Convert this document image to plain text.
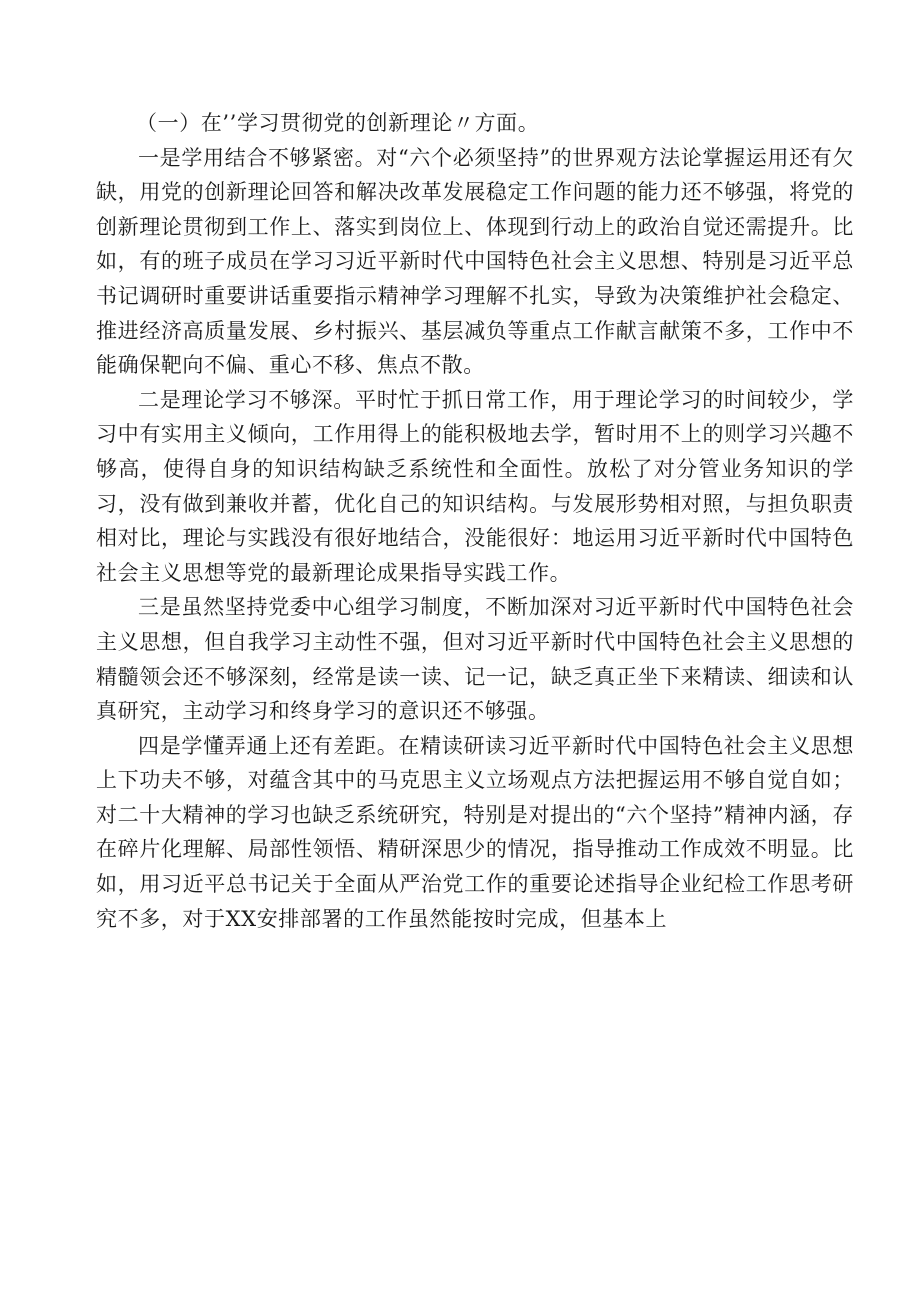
（一）在’’学习贯彻党的创新理论〃方面。

一是学用结合不够紧密。对“六个必须坚持”的世界观方法论掌握运用还有欠缺，用党的创新理论回答和解决改革发展稳定工作问题的能力还不够强，将党的创新理论贯彻到工作上、落实到岗位上、体现到行动上的政治自觉还需提升。比如，有的班子成员在学习习近平新时代中国特色社会主义思想、特别是习近平总书记调研时重要讲话重要指示精神学习理解不扎实，导致为决策维护社会稳定、推进经济高质量发展、乡村振兴、基层减负等重点工作献言献策不多，工作中不能确保靶向不偏、重心不移、焦点不散。

二是理论学习不够深。平时忙于抓日常工作，用于理论学习的时间较少，学习中有实用主义倾向，工作用得上的能积极地去学，暂时用不上的则学习兴趣不够高，使得自身的知识结构缺乏系统性和全面性。放松了对分管业务知识的学习，没有做到兼收并蓄，优化自己的知识结构。与发展形势相对照，与担负职责相对比，理论与实践没有很好地结合，没能很好：地运用习近平新时代中国特色社会主义思想等党的最新理论成果指导实践工作。

三是虽然坚持党委中心组学习制度，不断加深对习近平新时代中国特色社会主义思想，但自我学习主动性不强，但对习近平新时代中国特色社会主义思想的精髓领会还不够深刻，经常是读一读、记一记，缺乏真正坐下来精读、细读和认真研究，主动学习和终身学习的意识还不够强。

四是学懂弄通上还有差距。在精读研读习近平新时代中国特色社会主义思想上下功夫不够，对蕴含其中的马克思主义立场观点方法把握运用不够自觉自如；对二十大精神的学习也缺乏系统研究，特别是对提出的“六个坚持”精神内涵，存在碎片化理解、局部性领悟、精研深思少的情况，指导推动工作成效不明显。比如，用习近平总书记关于全面从严治党工作的重要论述指导企业纪检工作思考研究不多，对于XX安排部署的工作虽然能按时完成，但基本上
